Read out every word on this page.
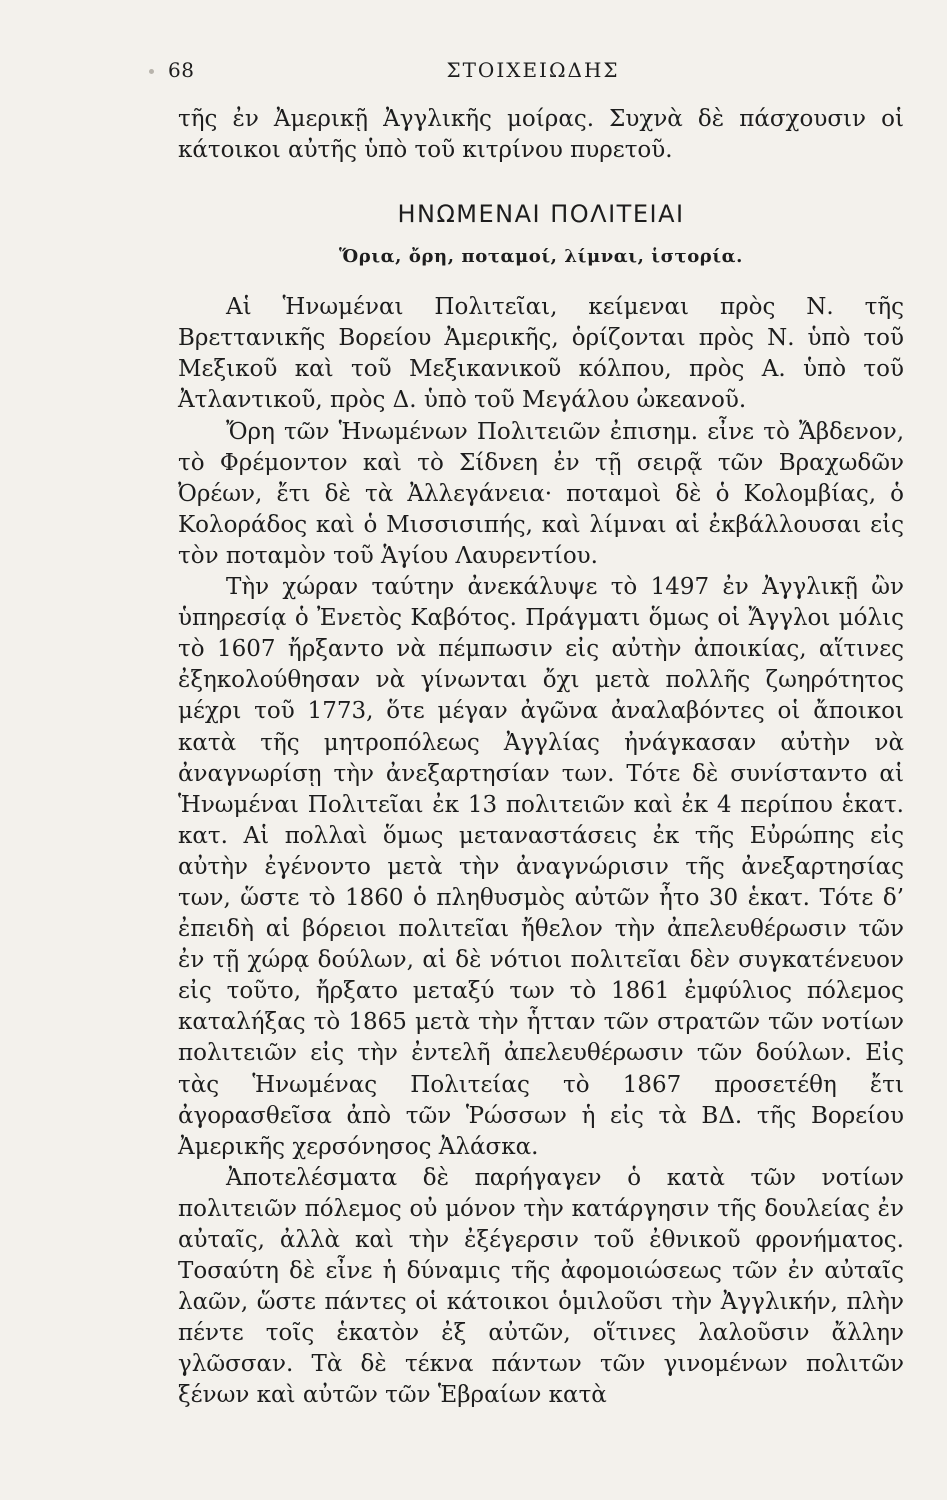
68	ΣΤΟΙΧΕΙΩΔΗΣ

τῆς ἐν Ἀμερικῇ Ἀγγλικῆς μοίρας. Συχνὰ δὲ πάσχουσιν οἱ κάτοικοι αὐτῆς ὑπὸ τοῦ κιτρίνου πυρετοῦ.

ΗΝΩΜΕΝΑΙ ΠΟΛΙΤΕΙΑΙ
Ὅρια, ὄρη, ποταμοί, λίμναι, ἱστορία.

Αἱ Ἡνωμέναι Πολιτεῖαι, κείμεναι πρὸς Ν. τῆς Βρεττανικῆς Βορείου Ἀμερικῆς, ὁρίζονται πρὸς Ν. ὑπὸ τοῦ Μεξικοῦ καὶ τοῦ Μεξικανικοῦ κόλπου, πρὸς Α. ὑπὸ τοῦ Ἀτλαντικοῦ, πρὸς Δ. ὑπὸ τοῦ Μεγάλου ὠκεανοῦ.

Ὄρη τῶν Ἡνωμένων Πολιτειῶν ἐπισημ. εἶνε τὸ Ἄβδενον, τὸ Φρέμοντον καὶ τὸ Σίδνεη ἐν τῇ σειρᾷ τῶν Βραχωδῶν Ὀρέων, ἔτι δὲ τὰ Ἀλλεγάνεια· ποταμοὶ δὲ ὁ Κολομβίας, ὁ Κολοράδος καὶ ὁ Μισσισιπής, καὶ λίμναι αἱ ἐκβάλλουσαι εἰς τὸν ποταμὸν τοῦ Ἁγίου Λαυρεντίου.

Τὴν χώραν ταύτην ἀνεκάλυψε τὸ 1497 ἐν Ἀγγλικῇ ὢν ὑπηρεσίᾳ ὁ Ἐνετὸς Καβότος. Πράγματι ὅμως οἱ Ἄγγλοι μόλις τὸ 1607 ἤρξαντο νὰ πέμπωσιν εἰς αὐτὴν ἀποικίας, αἵτινες ἐξηκολούθησαν νὰ γίνωνται ὄχι μετὰ πολλῆς ζωηρότητος μέχρι τοῦ 1773, ὅτε μέγαν ἀγῶνα ἀναλαβόντες οἱ ἄποικοι κατὰ τῆς μητροπόλεως Ἀγγλίας ἠνάγκασαν αὐτὴν νὰ ἀναγνωρίσῃ τὴν ἀνεξαρτησίαν των. Τότε δὲ συνίσταντο αἱ Ἡνωμέναι Πολιτεῖαι ἐκ 13 πολιτειῶν καὶ ἐκ 4 περίπου ἑκατ. κατ. Αἱ πολλαὶ ὅμως μεταναστάσεις ἐκ τῆς Εὐρώπης εἰς αὐτὴν ἐγένοντο μετὰ τὴν ἀναγνώρισιν τῆς ἀνεξαρτησίας των, ὥστε τὸ 1860 ὁ πληθυσμὸς αὐτῶν ἦτο 30 ἑκατ. Τότε δ’ ἐπειδὴ αἱ βόρειοι πολιτεῖαι ἤθελον τὴν ἀπελευθέρωσιν τῶν ἐν τῇ χώρᾳ δούλων, αἱ δὲ νότιοι πολιτεῖαι δὲν συγκατένευον εἰς τοῦτο, ἤρξατο μεταξύ των τὸ 1861 ἐμφύλιος πόλεμος καταλήξας τὸ 1865 μετὰ τὴν ἧτταν τῶν στρατῶν τῶν νοτίων πολιτειῶν εἰς τὴν ἐντελῆ ἀπελευθέρωσιν τῶν δούλων. Εἰς τὰς Ἡνωμένας Πολιτείας τὸ 1867 προσετέθη ἔτι ἀγορασθεῖσα ἀπὸ τῶν Ῥώσσων ἡ εἰς τὰ ΒΔ. τῆς Βορείου Ἀμερικῆς χερσόνησος Ἀλάσκα.

Ἀποτελέσματα δὲ παρήγαγεν ὁ κατὰ τῶν νοτίων πολιτειῶν πόλεμος οὐ μόνον τὴν κατάργησιν τῆς δουλείας ἐν αὐταῖς, ἀλλὰ καὶ τὴν ἐξέγερσιν τοῦ ἐθνικοῦ φρονήματος. Τοσαύτη δὲ εἶνε ἡ δύναμις τῆς ἀφομοιώσεως τῶν ἐν αὐταῖς λαῶν, ὥστε πάντες οἱ κάτοικοι ὁμιλοῦσι τὴν Ἀγγλικήν, πλὴν πέντε τοῖς ἑκατὸν ἐξ αὐτῶν, οἵτινες λαλοῦσιν ἄλλην γλῶσσαν. Τὰ δὲ τέκνα πάντων τῶν γινομένων πολιτῶν ξένων καὶ αὐτῶν τῶν Ἑβραίων κατὰ
